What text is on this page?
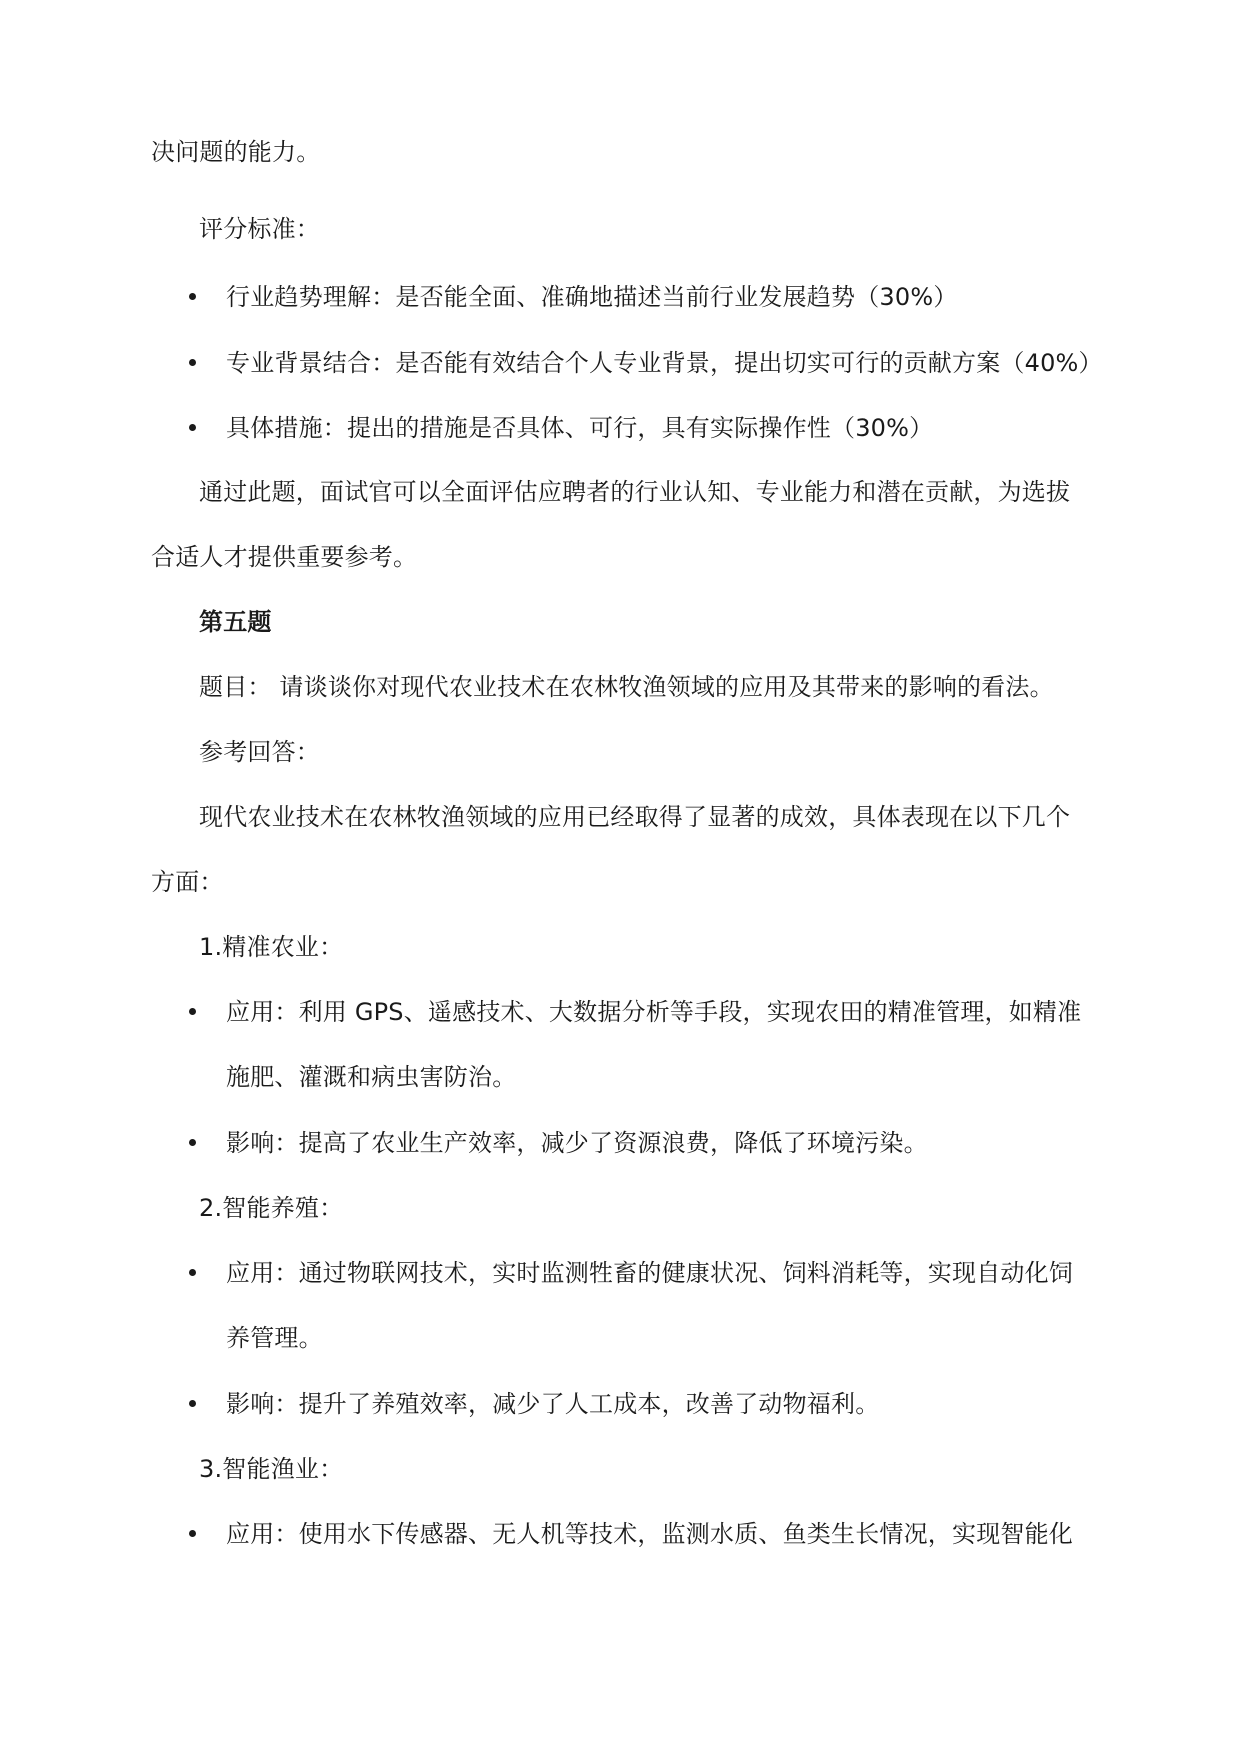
决问题的能力。
评分标准：
行业趋势理解：是否能全面、准确地描述当前行业发展趋势（30%）
专业背景结合：是否能有效结合个人专业背景，提出切实可行的贡献方案（40%）
具体措施：提出的措施是否具体、可行，具有实际操作性（30%）
通过此题，面试官可以全面评估应聘者的行业认知、专业能力和潜在贡献，为选拔
合适人才提供重要参考。
第五题
题目： 请谈谈你对现代农业技术在农林牧渔领域的应用及其带来的影响的看法。
参考回答：
现代农业技术在农林牧渔领域的应用已经取得了显著的成效，具体表现在以下几个
方面：
1.精准农业：
应用：利用 GPS、遥感技术、大数据分析等手段，实现农田的精准管理，如精准
施肥、灌溉和病虫害防治。
影响：提高了农业生产效率，减少了资源浪费，降低了环境污染。
2.智能养殖：
应用：通过物联网技术，实时监测牲畜的健康状况、饲料消耗等，实现自动化饲
养管理。
影响：提升了养殖效率，减少了人工成本，改善了动物福利。
3.智能渔业：
应用：使用水下传感器、无人机等技术，监测水质、鱼类生长情况，实现智能化
